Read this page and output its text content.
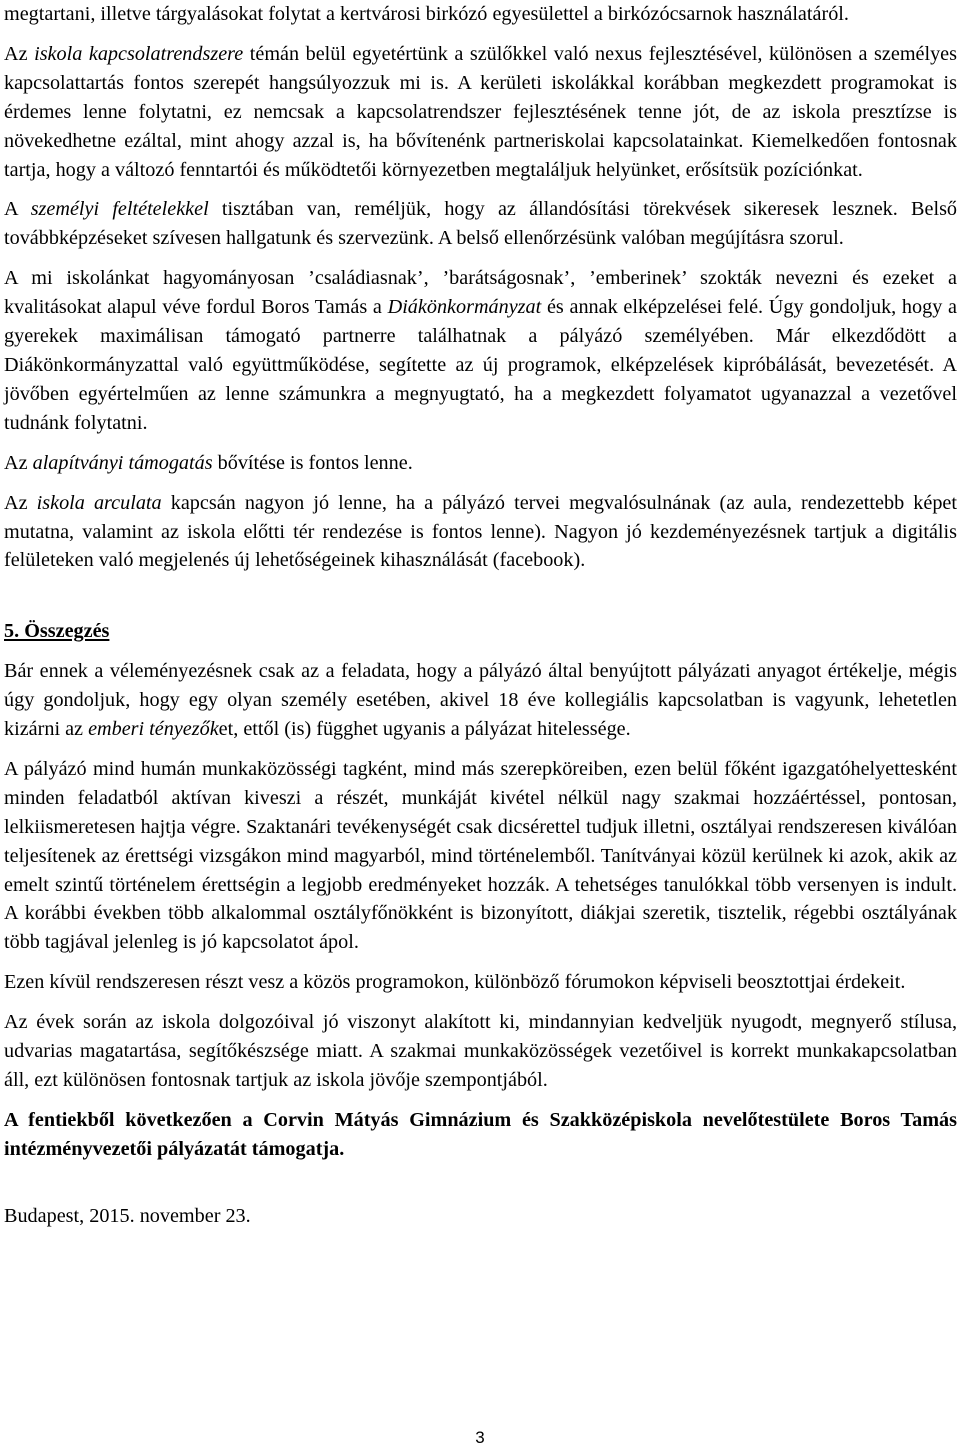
megtartani, illetve tárgyalásokat folytat a kertvárosi birkózó egyesülettel a birkózócsarnok használatáról.

Az iskola kapcsolatrendszere témán belül egyetértünk a szülőkkel való nexus fejlesztésével, különösen a személyes kapcsolattartás fontos szerepét hangsúlyozzuk mi is. A kerületi iskolákkal korábban megkezdett programokat is érdemes lenne folytatni, ez nemcsak a kapcsolatrendszer fejlesztésének tenne jót, de az iskola presztízse is növekedhetne ezáltal, mint ahogy azzal is, ha bővítenénk partneriskolai kapcsolatainkat. Kiemelkedően fontosnak tartja, hogy a változó fenntartói és működtetői környezetben megtaláljuk helyünket, erősítsük pozíciónkat.

A személyi feltételekkel tisztában van, reméljük, hogy az állandósítási törekvések sikeresek lesznek. Belső továbbképzéseket szívesen hallgatunk és szervezünk. A belső ellenőrzésünk valóban megújításra szorul.

A mi iskolánkat hagyományosan ’családiasnak’, ’barátságosnak’, ’emberinek’ szokták nevezni és ezeket a kvalitásokat alapul véve fordul Boros Tamás a Diákönkormányzat és annak elképzelései felé. Úgy gondoljuk, hogy a gyerekek maximálisan támogató partnerre találhatnak a pályázó személyében. Már elkezdődött a Diákönkormányzattal való együttműködése, segítette az új programok, elképzelések kipróbálását, bevezetését. A jövőben egyértelműen az lenne számunkra a megnyugtató, ha a megkezdett folyamatot ugyanazzal a vezetővel tudnánk folytatni.

Az alapítványi támogatás bővítése is fontos lenne.

Az iskola arculata kapcsán nagyon jó lenne, ha a pályázó tervei megvalósulnának (az aula, rendezettebb képet mutatna, valamint az iskola előtti tér rendezése is fontos lenne). Nagyon jó kezdeményezésnek tartjuk a digitális felületeken való megjelenés új lehetőségeinek kihasználását (facebook).

5. Összegzés

Bár ennek a véleményezésnek csak az a feladata, hogy a pályázó által benyújtott pályázati anyagot értékelje, mégis úgy gondoljuk, hogy egy olyan személy esetében, akivel 18 éve kollegiális kapcsolatban is vagyunk, lehetetlen kizárni az emberi tényezőket, ettől (is) függhet ugyanis a pályázat hitelessége.

A pályázó mind humán munkaközösségi tagként, mind más szerepköreiben, ezen belül főként igazgatóhelyettesként minden feladatból aktívan kiveszi a részét, munkáját kivétel nélkül nagy szakmai hozzáértéssel, pontosan, lelkiismeretesen hajtja végre. Szaktanári tevékenységét csak dicsérettel tudjuk illetni, osztályai rendszeresen kiválóan teljesítenek az érettségi vizsgákon mind magyarból, mind történelemből. Tanítványai közül kerülnek ki azok, akik az emelt szintű történelem érettségin a legjobb eredményeket hozzák. A tehetséges tanulókkal több versenyen is indult. A korábbi években több alkalommal osztályfőnökként is bizonyított, diákjai szeretik, tisztelik, régebbi osztályának több tagjával jelenleg is jó kapcsolatot ápol.

Ezen kívül rendszeresen részt vesz a közös programokon, különböző fórumokon képviseli beosztottjai érdekeit.

Az évek során az iskola dolgozóival jó viszonyt alakított ki, mindannyian kedveljük nyugodt, megnyerő stílusa, udvarias magatartása, segítőkészsége miatt. A szakmai munkaközösségek vezetőivel is korrekt munkakapcsolatban áll, ezt különösen fontosnak tartjuk az iskola jövője szempontjából.

A fentiekből következően a Corvin Mátyás Gimnázium és Szakközépiskola nevelőtestülete Boros Tamás intézményvezetői pályázatát támogatja.

Budapest, 2015. november 23.

3
